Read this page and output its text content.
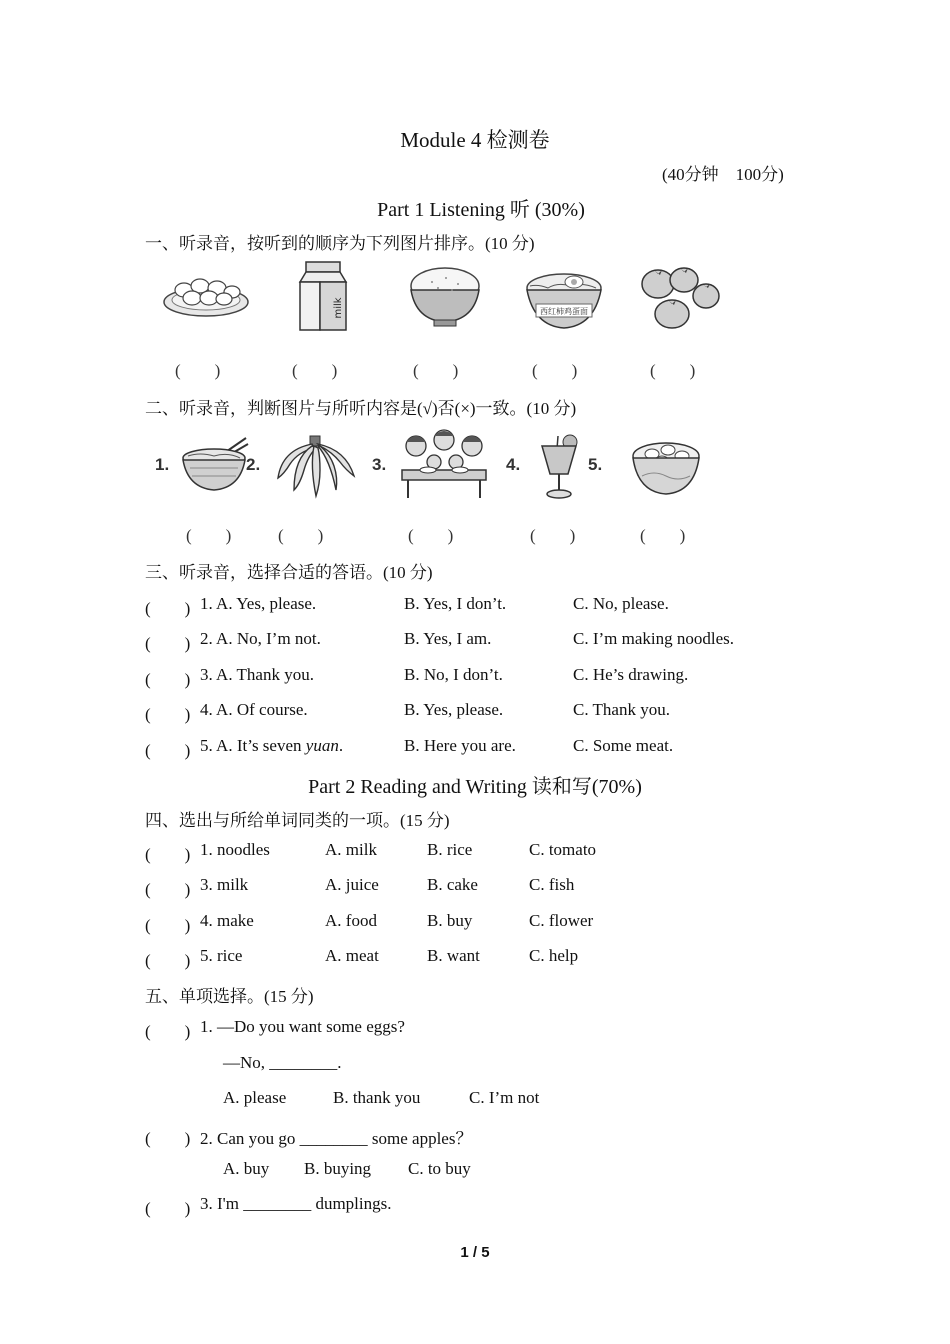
Module 4 检测卷
(40分钟　100分)
Part 1 Listening 听 (30%)
一、听录音，按听到的顺序为下列图片排序。(10 分)
milk	西红柿鸡蛋面
(　　)	(　　)	(　　)	(　　)	(　　)
二、听录音，判断图片与所听内容是(√)否(×)一致。(10 分)
1.	2.	3.	4.	5.
(　　)	(　　)	(　　)	(　　)	(　　)
三、听录音，选择合适的答语。(10 分)
(　　) 1. A. Yes, please.	B. Yes, I don’t.	C. No, please.
(　　) 2. A. No, I’m not.	B. Yes, I am.	C. I’m making noodles.
(　　) 3. A. Thank you.	B. No, I don’t.	C. He’s drawing.
(　　) 4. A. Of course.	B. Yes, please.	C. Thank you.
(　　) 5. A. It’s seven yuan.	B. Here you are.	C. Some meat.
Part 2 Reading and Writing 读和写(70%)
四、选出与所给单词同类的一项。(15 分)
(　　) 1. noodles	A. milk	B. rice	C. tomato
(　　) 3. milk	A. juice	B. cake	C. fish
(　　) 4. make	A. food	B. buy	C. flower
(　　) 5. rice	A. meat	B. want	C. help
五、单项选择。(15 分)
(　　) 1. —Do you want some eggs?
—No, ________.
A. please	B. thank you	C. I’m not
(　　) 2. Can you go ________ some apples？
A. buy B. buying C. to buy
(　　) 3. I'm ________ dumplings.
1 / 5
